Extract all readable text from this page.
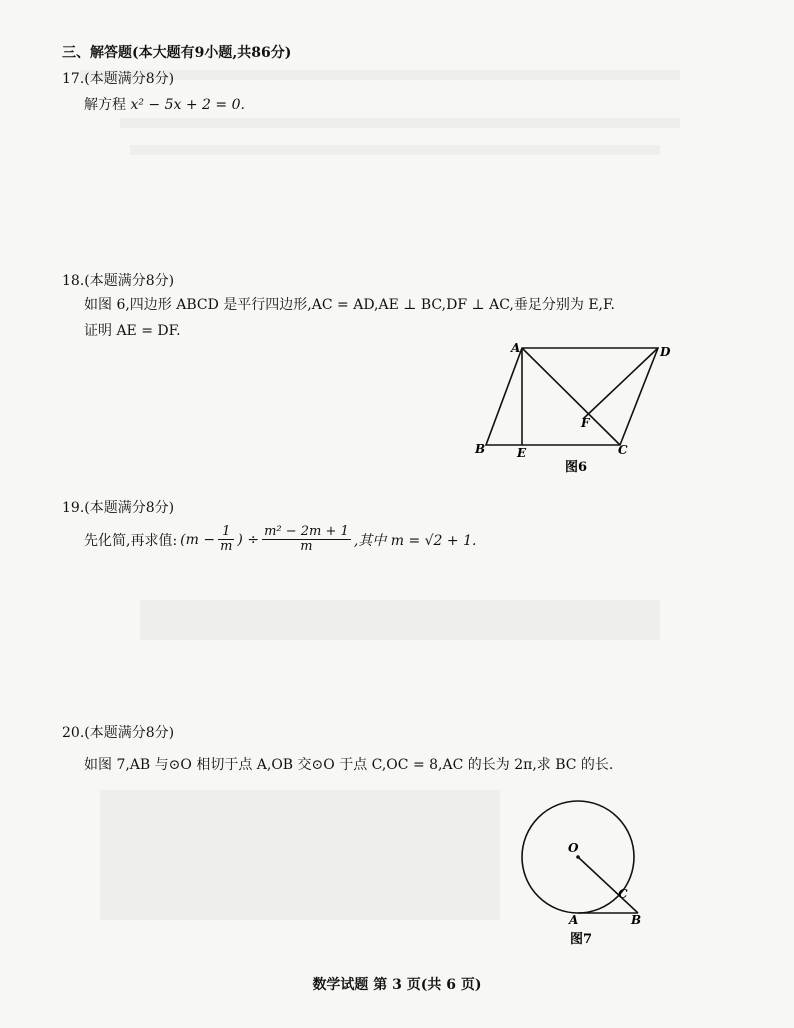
三、解答题(本大题有9小题,共86分)
17.(本题满分8分)
解方程 x² − 5x + 2 = 0.
18.(本题满分8分)
如图 6,四边形 ABCD 是平行四边形,AC = AD,AE ⊥ BC,DF ⊥ AC,垂足分别为 E,F.
证明 AE = DF.
A	D
B	E
F
C
图6
19.(本题满分8分)
先化简,再求值: ($m - \frac{1}{m}$ ) ÷ $\frac{\text{m² − 2m + 1}}{m}$ ,其中 m = √2 + 1.
20.(本题满分8分)
如图 7,AB 与⊙O 相切于点 A,OB 交⊙O 于点 C,OC = 8,AC 的长为 2π,求 BC 的长.
O
C
A	B
图7
数学试题 第 3 页(共 6 页)
